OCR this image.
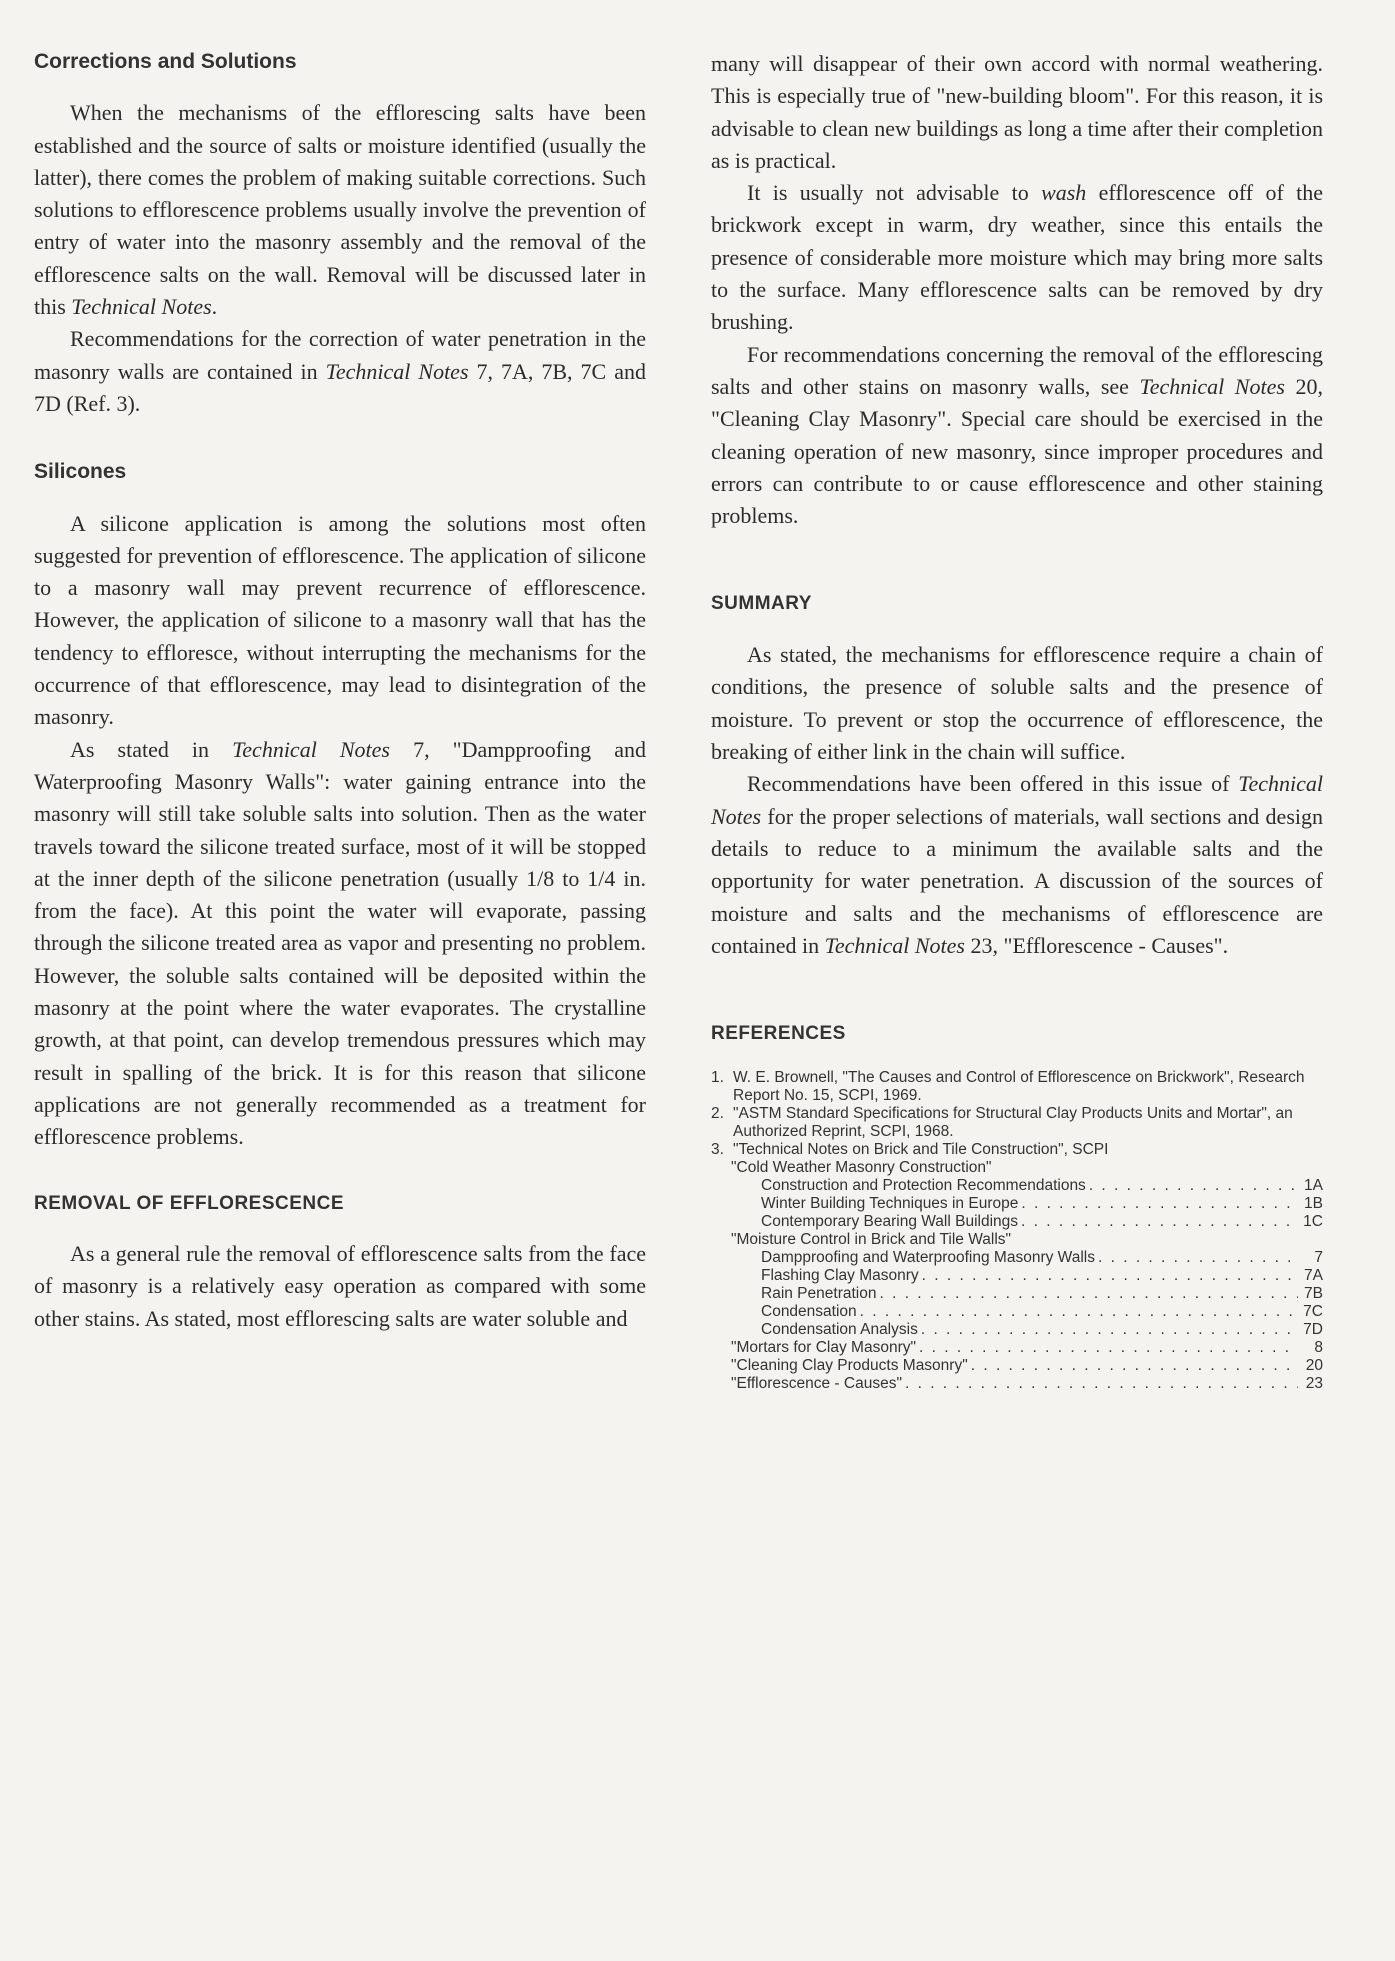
Corrections and Solutions

When the mechanisms of the efflorescing salts have been established and the source of salts or moisture identified (usually the latter), there comes the problem of making suitable corrections. Such solutions to efflorescence problems usually involve the prevention of entry of water into the masonry assembly and the removal of the efflorescence salts on the wall. Removal will be discussed later in this Technical Notes.

Recommendations for the correction of water penetration in the masonry walls are contained in Technical Notes 7, 7A, 7B, 7C and 7D (Ref. 3).

Silicones

A silicone application is among the solutions most often suggested for prevention of efflorescence. The application of silicone to a masonry wall may prevent recurrence of efflorescence. However, the application of silicone to a masonry wall that has the tendency to effloresce, without interrupting the mechanisms for the occurrence of that efflorescence, may lead to disintegration of the masonry.

As stated in Technical Notes 7, "Dampproofing and Waterproofing Masonry Walls": water gaining entrance into the masonry will still take soluble salts into solution. Then as the water travels toward the silicone treated surface, most of it will be stopped at the inner depth of the silicone penetration (usually 1/8 to 1/4 in. from the face). At this point the water will evaporate, passing through the silicone treated area as vapor and presenting no problem. However, the soluble salts contained will be deposited within the masonry at the point where the water evaporates. The crystalline growth, at that point, can develop tremendous pressures which may result in spalling of the brick. It is for this reason that silicone applications are not generally recommended as a treatment for efflorescence problems.

REMOVAL OF EFFLORESCENCE

As a general rule the removal of efflorescence salts from the face of masonry is a relatively easy operation as compared with some other stains. As stated, most efflorescing salts are water soluble and

many will disappear of their own accord with normal weathering. This is especially true of "new-building bloom". For this reason, it is advisable to clean new buildings as long a time after their completion as is practical.

It is usually not advisable to wash efflorescence off of the brickwork except in warm, dry weather, since this entails the presence of considerable more moisture which may bring more salts to the surface. Many efflorescence salts can be removed by dry brushing.

For recommendations concerning the removal of the efflorescing salts and other stains on masonry walls, see Technical Notes 20, "Cleaning Clay Masonry". Special care should be exercised in the cleaning operation of new masonry, since improper procedures and errors can contribute to or cause efflorescence and other staining problems.

SUMMARY

As stated, the mechanisms for efflorescence require a chain of conditions, the presence of soluble salts and the presence of moisture. To prevent or stop the occurrence of efflorescence, the breaking of either link in the chain will suffice.

Recommendations have been offered in this issue of Technical Notes for the proper selections of materials, wall sections and design details to reduce to a minimum the available salts and the opportunity for water penetration. A discussion of the sources of moisture and salts and the mechanisms of efflorescence are contained in Technical Notes 23, "Efflorescence - Causes".

REFERENCES
1. W. E. Brownell, "The Causes and Control of Efflorescence on Brickwork", Research Report No. 15, SCPI, 1969.
2. "ASTM Standard Specifications for Structural Clay Products Units and Mortar", an Authorized Reprint, SCPI, 1968.
3. "Technical Notes on Brick and Tile Construction", SCPI
"Cold Weather Masonry Construction"
Construction and Protection Recommendations . . .	1A
Winter Building Techniques in Europe . . .	1B
Contemporary Bearing Wall Buildings . . .	1C
"Moisture Control in Brick and Tile Walls"
Dampproofing and Waterproofing Masonry Walls . . .	7
Flashing Clay Masonry . . .	7A
Rain Penetration . . .	7B
Condensation . . .	7C
Condensation Analysis . . .	7D
"Mortars for Clay Masonry" . . .	8
"Cleaning Clay Products Masonry" . . .	20
"Efflorescence - Causes" . . .	23
